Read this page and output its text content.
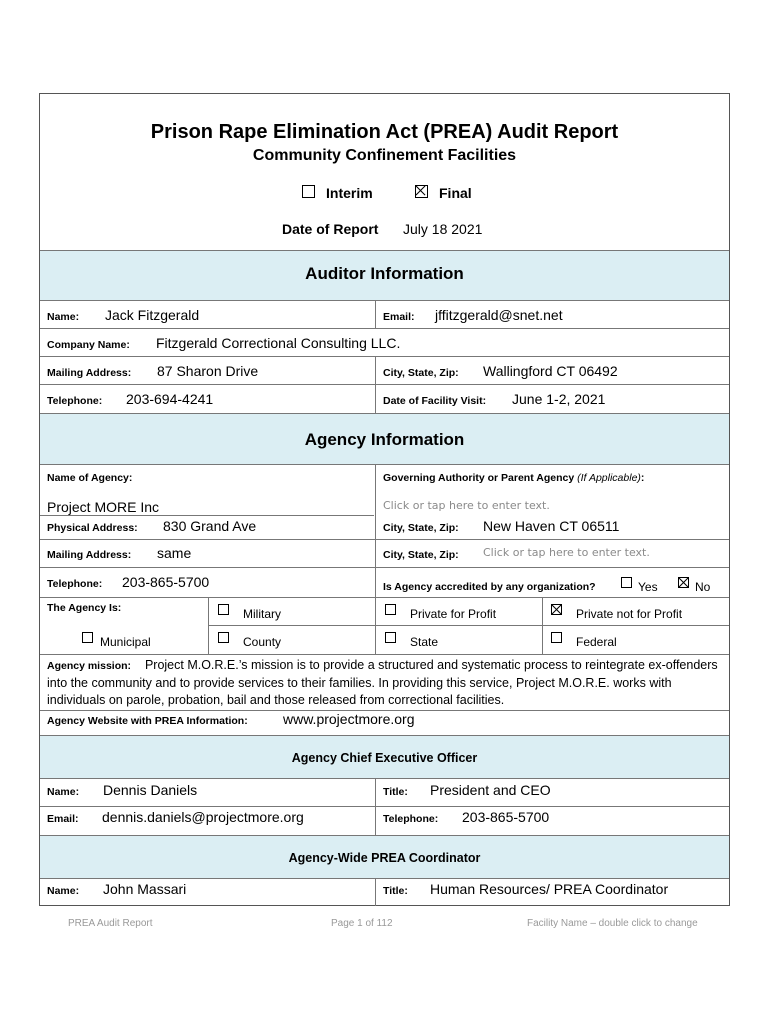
Prison Rape Elimination Act (PREA) Audit Report
Community Confinement Facilities
Interim	Final
Date of Report July 18 2021
Auditor Information
Name: Jack Fitzgerald	Email: jffitzgerald@snet.net
Company Name: Fitzgerald Correctional Consulting LLC.
Mailing Address: 87 Sharon Drive	City, State, Zip: Wallingford CT 06492
Telephone: 203-694-4241	Date of Facility Visit: June 1-2, 2021
Agency Information
Name of Agency:
Project MORE Inc
Governing Authority or Parent Agency (If Applicable):
Click or tap here to enter text.
Physical Address: 830 Grand Ave	City, State, Zip: New Haven CT 06511
Mailing Address: same	City, State, Zip: Click or tap here to enter text.
Telephone: 203-865-5700	Is Agency accredited by any organization?	Yes	No
The Agency Is:	Military	Private for Profit	Private not for Profit
Municipal	County	State	Federal
Agency mission: Project M.O.R.E.’s mission is to provide a structured and systematic process to reintegrate ex-offenders into the community and to provide services to their families. In providing this service, Project M.O.R.E. works with individuals on parole, probation, bail and those released from correctional facilities.
Agency Website with PREA Information:	www.projectmore.org
Agency Chief Executive Officer
Name: Dennis Daniels	Title: President and CEO
Email: dennis.daniels@projectmore.org	Telephone: 203-865-5700
Agency-Wide PREA Coordinator
Name: John Massari	Title: Human Resources/ PREA Coordinator
PREA Audit Report	Page 1 of 112	Facility Name – double click to change
